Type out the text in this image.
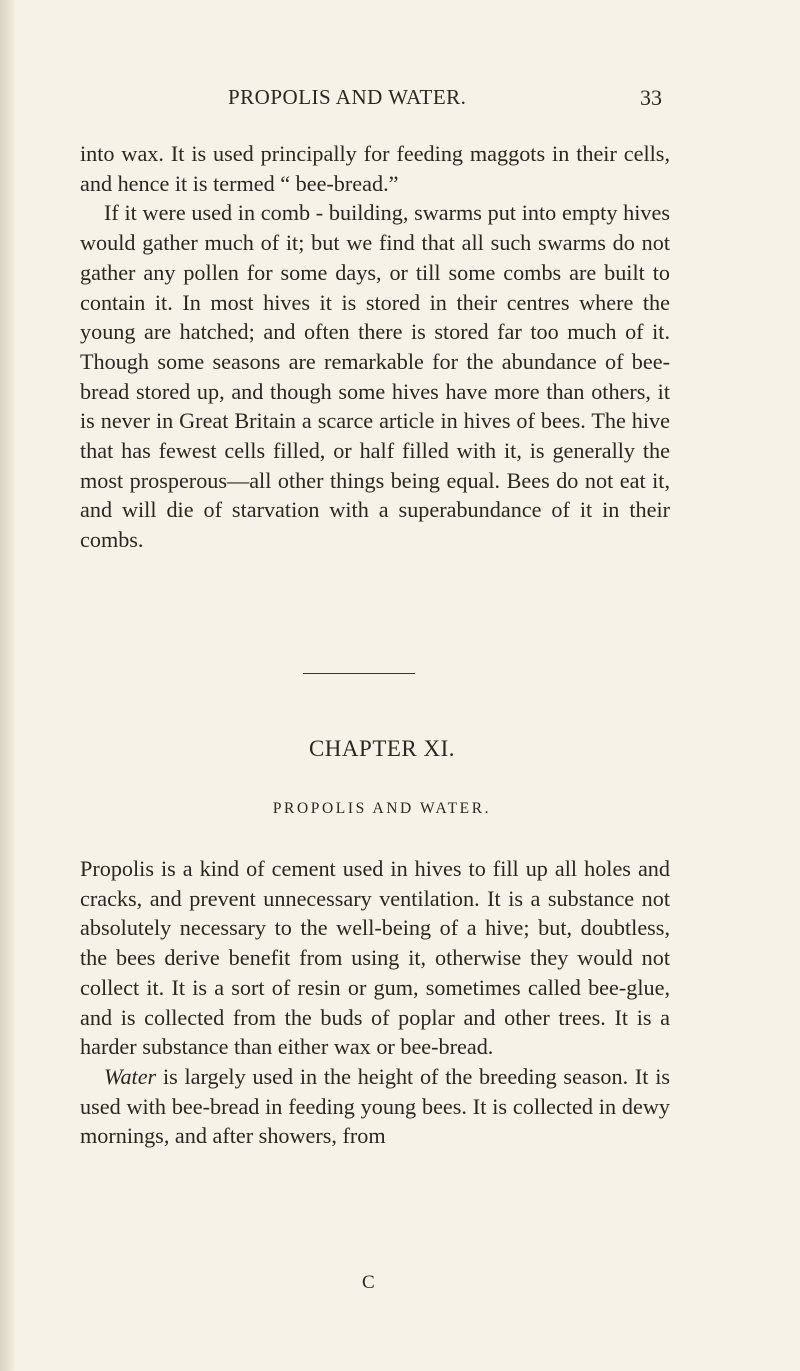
PROPOLIS AND WATER.	33

into wax. It is used principally for feeding maggots in their cells, and hence it is termed “ bee-bread.”

If it were used in comb - building, swarms put into empty hives would gather much of it; but we find that all such swarms do not gather any pollen for some days, or till some combs are built to contain it. In most hives it is stored in their centres where the young are hatched; and often there is stored far too much of it. Though some seasons are remarkable for the abundance of bee-bread stored up, and though some hives have more than others, it is never in Great Britain a scarce article in hives of bees. The hive that has fewest cells filled, or half filled with it, is generally the most prosperous—all other things being equal. Bees do not eat it, and will die of starvation with a superabundance of it in their combs.

CHAPTER XI.
PROPOLIS AND WATER.

Propolis is a kind of cement used in hives to fill up all holes and cracks, and prevent unnecessary ventilation. It is a substance not absolutely necessary to the well-being of a hive; but, doubtless, the bees derive benefit from using it, otherwise they would not collect it. It is a sort of resin or gum, sometimes called bee-glue, and is collected from the buds of poplar and other trees. It is a harder substance than either wax or bee-bread.

Water is largely used in the height of the breeding season. It is used with bee-bread in feeding young bees. It is collected in dewy mornings, and after showers, from

C
